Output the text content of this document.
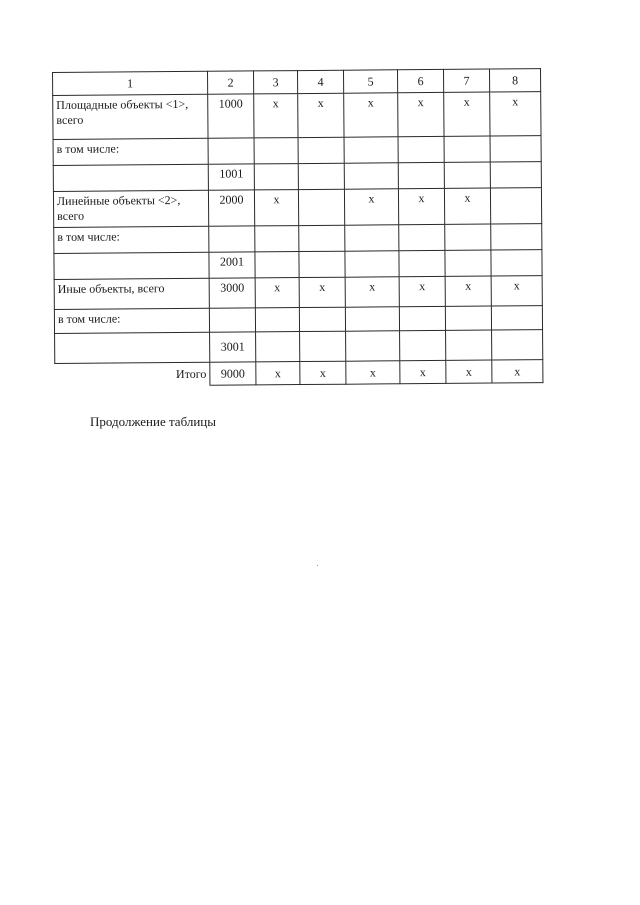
1	2	3	4	5	6	7	8
Площадные объекты <1>, всего	1000	x	x	x	x	x	x
в том числе:							
	1001						
Линейные объекты <2>, всего	2000	x		x	x	x	
в том числе:							
	2001						
Иные объекты, всего	3000	x	x	x	x	x	x
в том числе:							
	3001						
Итого	9000	x	x	x	x	x	x
Продолжение таблицы
